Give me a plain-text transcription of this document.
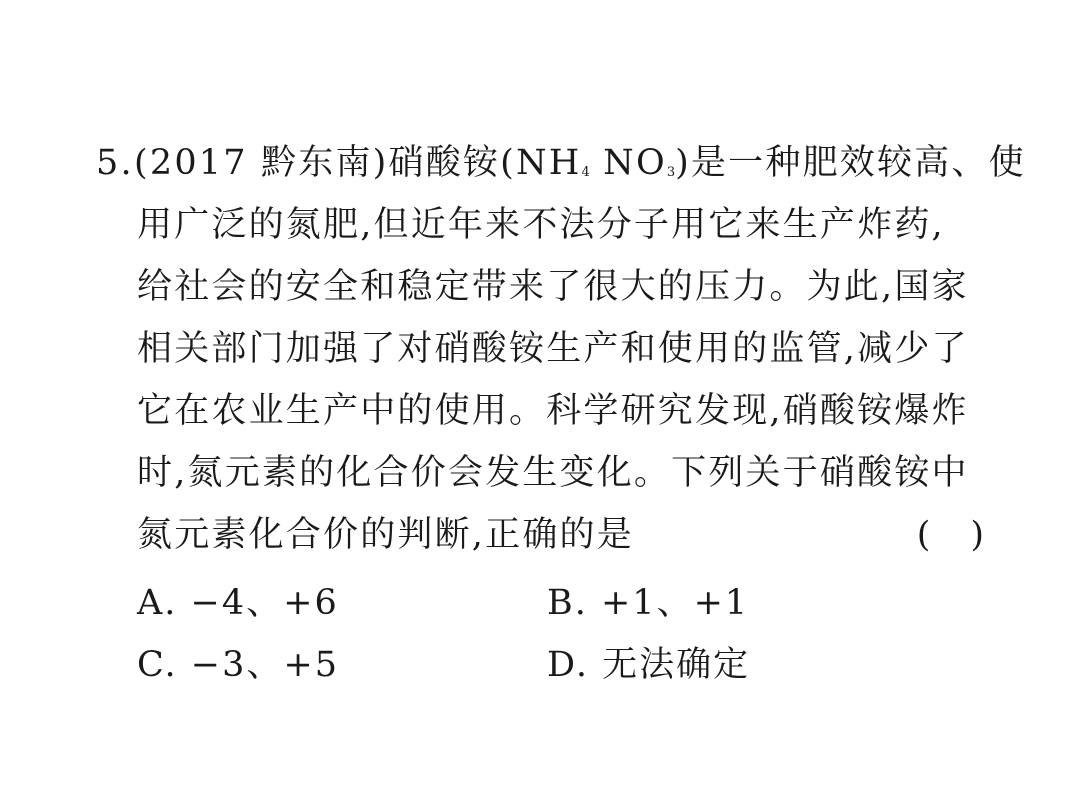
5.(2017 黔东南)硝酸铵($NH_4$ $NO_3$)是一种肥效较高、使
用广泛的氮肥,但近年来不法分子用它来生产炸药,
给社会的安全和稳定带来了很大的压力。为此,国家
相关部门加强了对硝酸铵生产和使用的监管,减少了
它在农业生产中的使用。科学研究发现,硝酸铵爆炸
时,氮元素的化合价会发生变化。下列关于硝酸铵中
氮元素化合价的判断,正确的是	( )
A. −4、+6	B. +1、+1
C. −3、+5	D. 无法确定
